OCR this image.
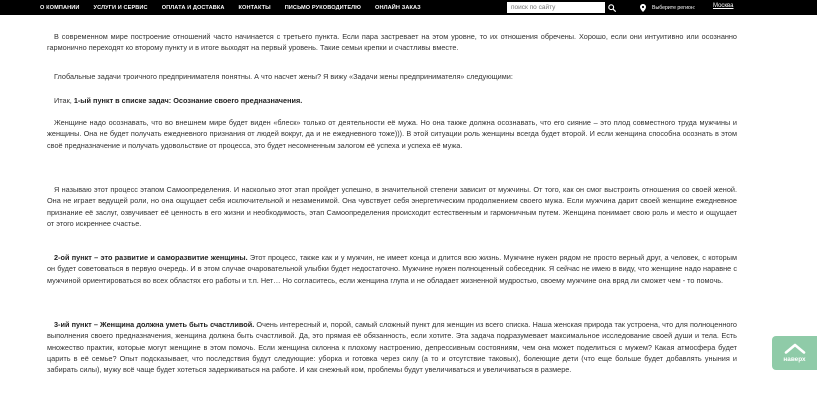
О КОМПАНИИ	УСЛУГИ И СЕРВИС	ОПЛАТА И ДОСТАВКА	КОНТАКТЫ	ПИСЬМО РУКОВОДИТЕЛЮ	ОНЛАЙН ЗАКАЗ
поиск по сайту	Выберите регион:	Москва

В современном мире построение отношений часто начинается с третьего пункта. Если пара застревает на этом уровне, то их отношения обречены. Хорошо, если они интуитивно или осознанно гармонично переходят ко второму пункту и в итоге выходят на первый уровень. Такие семьи крепки и счастливы вместе.

Глобальные задачи троичного предпринимателя понятны. А что насчет жены? Я вижу «Задачи жены предпринимателя» следующими:

Итак, 1-ый пункт в списке задач: Осознание своего предназначения.

Женщине надо осознавать, что во внешнем мире будет виден «блеск» только от деятельности её мужа. Но она также должна осознавать, что его сияние – это плод совместного труда мужчины и женщины. Она не будет получать ежедневного признания от людей вокруг, да и не ежедневного тоже))). В этой ситуации роль женщины всегда будет второй. И если женщина способна осознать в этом своё предназначение и получать удовольствие от процесса, это будет несомненным залогом её успеха и успеха её мужа.

Я называю этот процесс этапом Самоопределения. И насколько этот этап пройдет успешно, в значительной степени зависит от мужчины. От того, как он смог выстроить отношения со своей женой. Она не играет ведущей роли, но она ощущает себя исключительной и незаменимой. Она чувствует себя энергетическим продолжением своего мужа. Если мужчина дарит своей женщине ежедневное признание её заслуг, озвучивает её ценность в его жизни и необходимость, этап Самоопределения происходит естественным и гармоничным путем. Женщина понимает свою роль и место и ощущает от этого искреннее счастье.

2-ой пункт – это развитие и саморазвитие женщины. Этот процесс, также как и у мужчин, не имеет конца и длится всю жизнь. Мужчине нужен рядом не просто верный друг, а человек, с которым он будет советоваться в первую очередь. И в этом случае очаровательной улыбки будет недостаточно. Мужчине нужен полноценный собеседник. Я сейчас не имею в виду, что женщине надо наравне с мужчиной ориентироваться во всех областях его работы и т.п. Нет… Но согласитесь, если женщина глупа и не обладает жизненной мудростью, своему мужчине она вряд ли сможет чем - то помочь.

3-ий пункт – Женщина должна уметь быть счастливой. Очень интересный и, порой, самый сложный пункт для женщин из всего списка. Наша женская природа так устроена, что для полноценного выполнения своего предназначения, женщина должна быть счастливой. Да, это прямая её обязанность, если хотите. Эта задача подразумевает максимальное исследование своей души и тела. Есть множество практик, которые могут женщине в этом помочь. Если женщина склонна к плохому настроению, депрессивным состояниям, чем она может поделиться с мужем? Какая атмосфера будет царить в её семье? Опыт подсказывает, что последствия будут следующие: уборка и готовка через силу (а то и отсутствие таковых), болеющие дети (что еще больше будет добавлять уныния и забирать силы), мужу всё чаще будет хотеться задерживаться на работе. И как снежный ком, проблемы будут увеличиваться и увеличиваться в размере.

наверх
